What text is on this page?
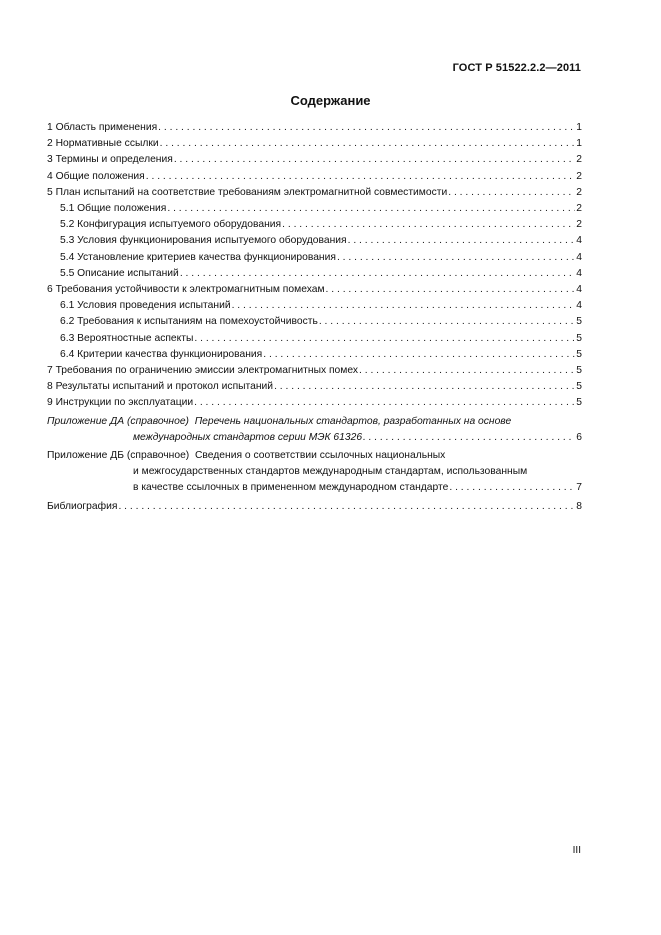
ГОСТ Р 51522.2.2—2011
Содержание
1 Область применения . . .	1
2 Нормативные ссылки . . .	1
3 Термины и определения . . .	2
4 Общие положения . . .	2
5 План испытаний на соответствие требованиям электромагнитной совместимости . . .	2
5.1 Общие положения . . .	2
5.2 Конфигурация испытуемого оборудования . . .	2
5.3 Условия функционирования испытуемого оборудования . . .	4
5.4 Установление критериев качества функционирования . . .	4
5.5 Описание испытаний . . .	4
6 Требования устойчивости к электромагнитным помехам . . .	4
6.1 Условия проведения испытаний . . .	4
6.2 Требования к испытаниям на помехоустойчивость . . .	5
6.3 Вероятностные аспекты . . .	5
6.4 Критерии качества функционирования . . .	5
7 Требования по ограничению эмиссии электромагнитных помех . . .	5
8 Результаты испытаний и протокол испытаний . . .	5
9 Инструкции по эксплуатации . . .	5
Приложение ДА (справочное) Перечень национальных стандартов, разработанных на основе
международных стандартов серии МЭК 61326 . . .	6
Приложение ДБ (справочное) Сведения о соответствии ссылочных национальных
и межгосударственных стандартов международным стандартам, использованным
в качестве ссылочных в примененном международном стандарте . . .	7
Библиография . . .	8
III
